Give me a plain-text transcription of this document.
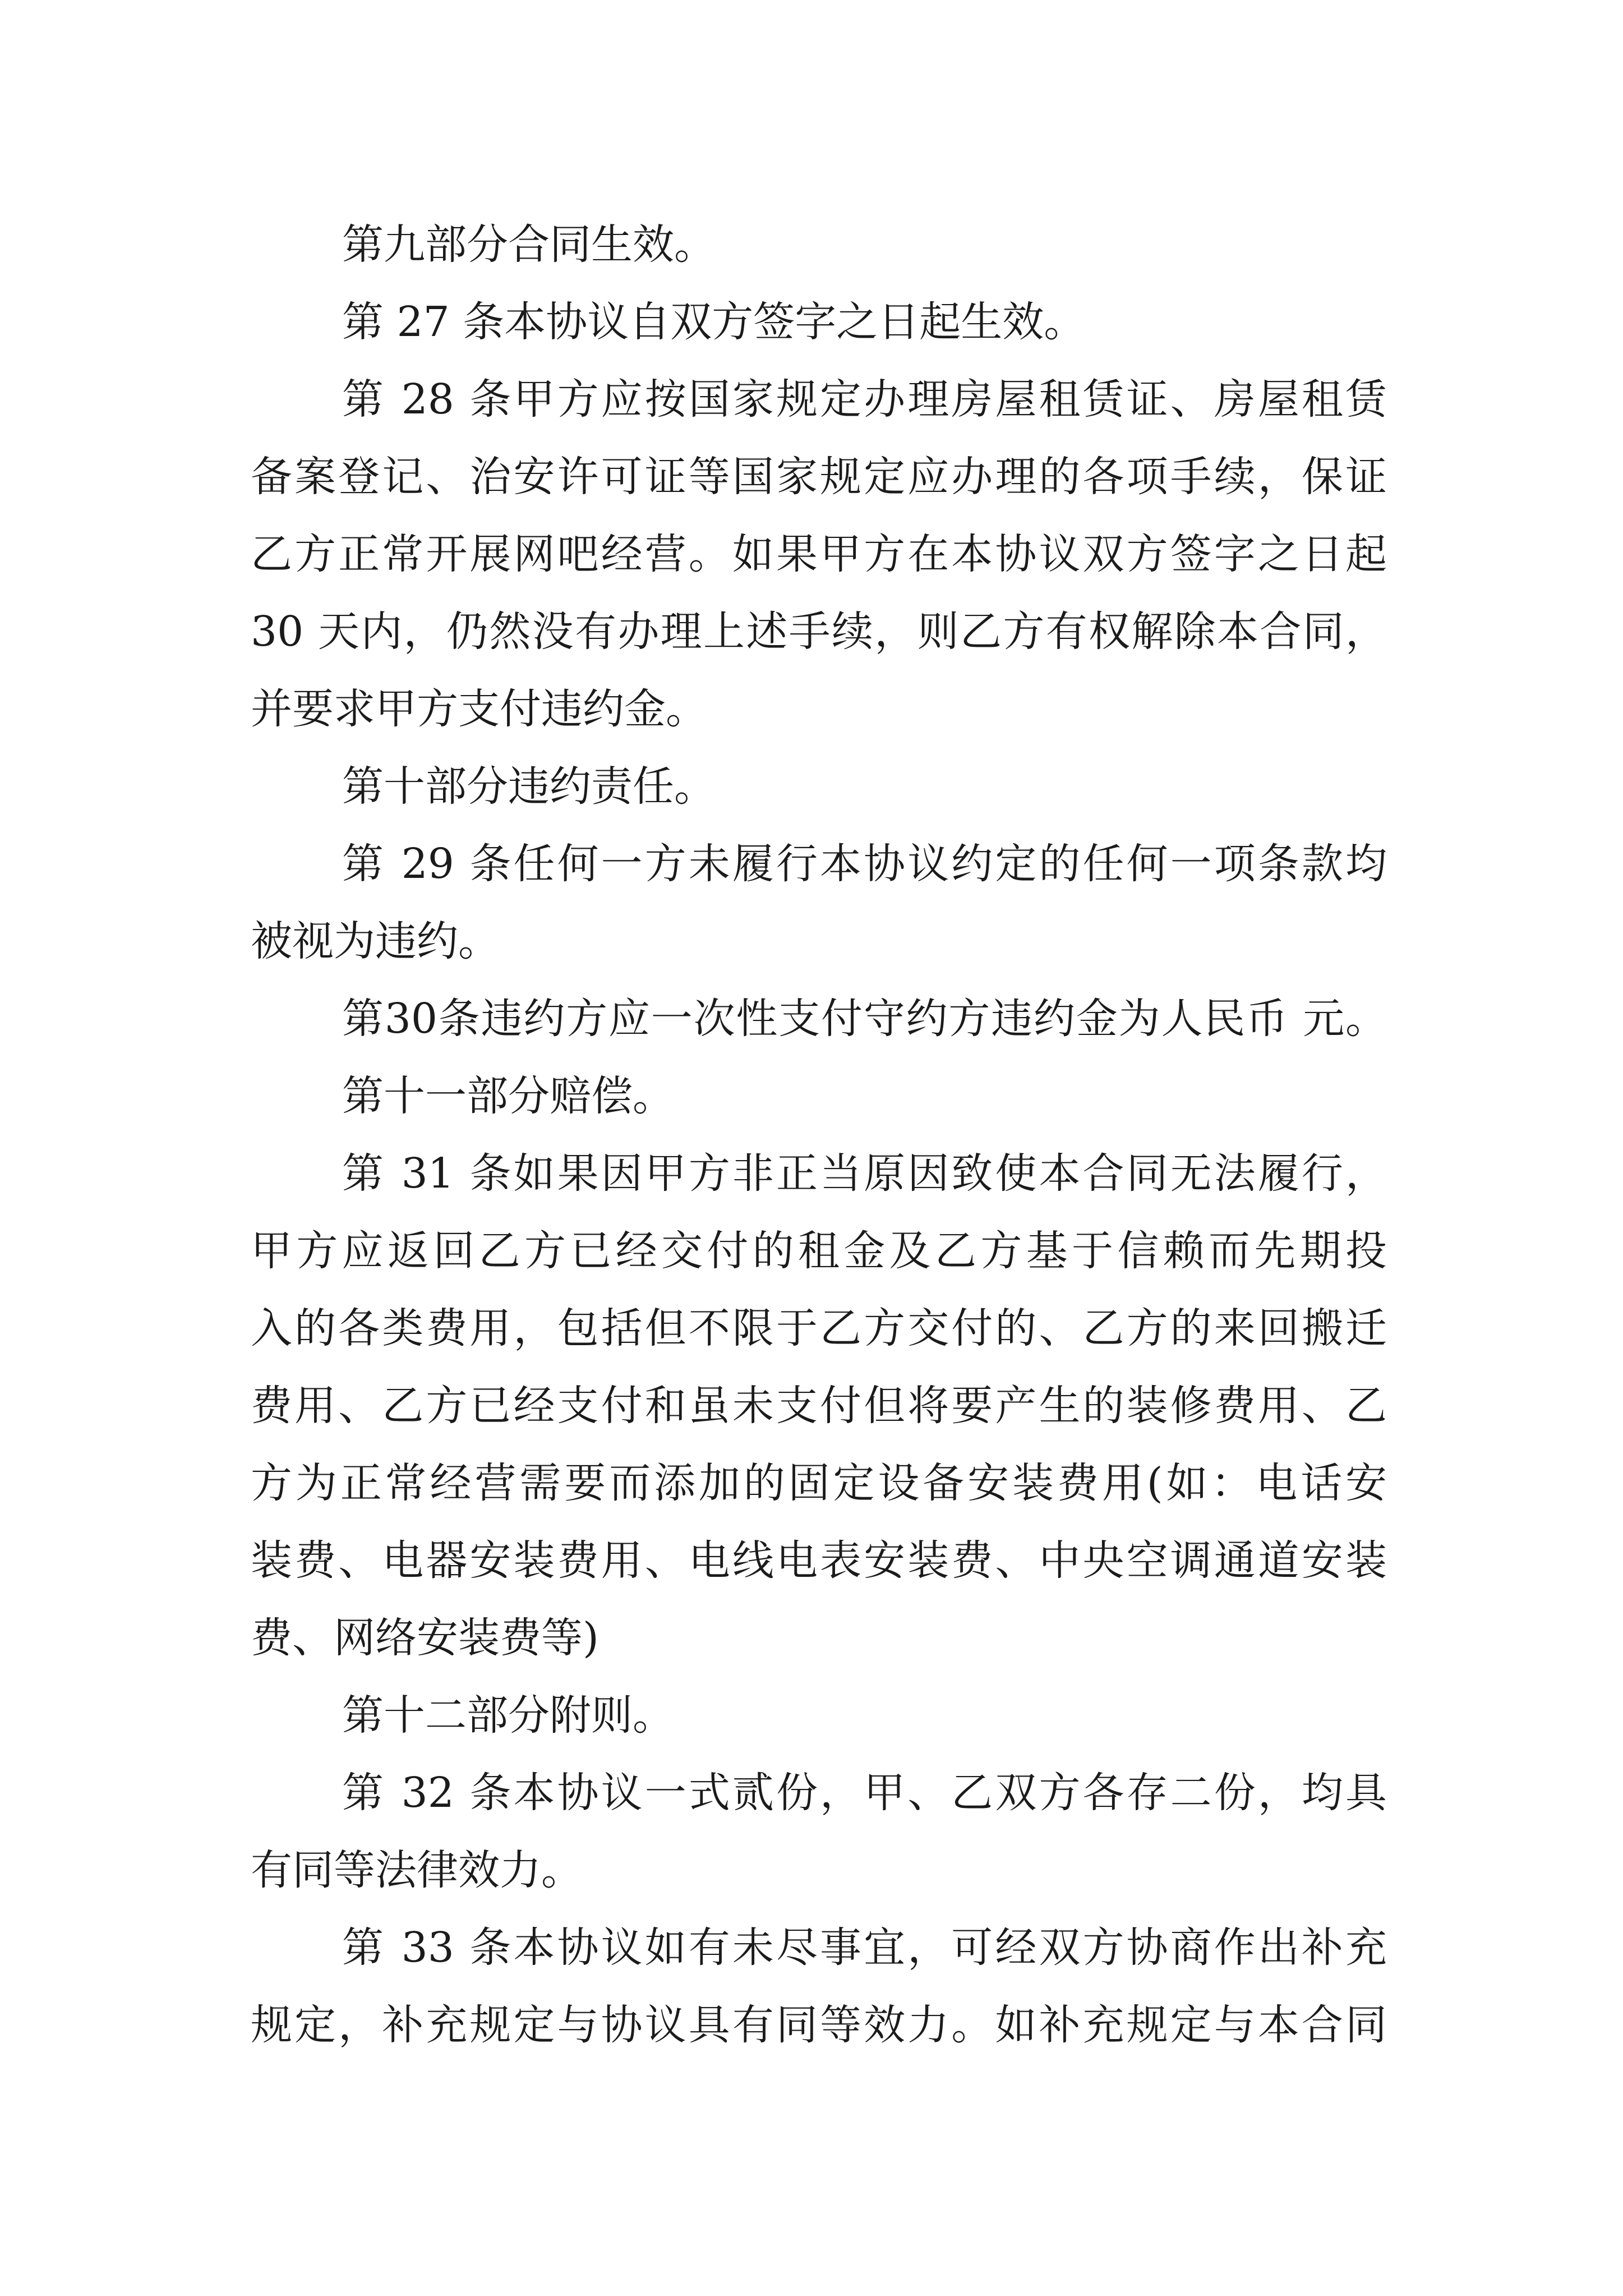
第九部分合同生效。
第 27 条本协议自双方签字之日起生效。
第 28 条甲方应按国家规定办理房屋租赁证、房屋租赁
备案登记、治安许可证等国家规定应办理的各项手续，保证
乙方正常开展网吧经营。如果甲方在本协议双方签字之日起
30 天内，仍然没有办理上述手续，则乙方有权解除本合同，
并要求甲方支付违约金。
第十部分违约责任。
第 29 条任何一方未履行本协议约定的任何一项条款均
被视为违约。
第30条违约方应一次性支付守约方违约金为人民币 元。
第十一部分赔偿。
第 31 条如果因甲方非正当原因致使本合同无法履行，
甲方应返回乙方已经交付的租金及乙方基于信赖而先期投
入的各类费用，包括但不限于乙方交付的、乙方的来回搬迁
费用、乙方已经支付和虽未支付但将要产生的装修费用、乙
方为正常经营需要而添加的固定设备安装费用(如：电话安
装费、电器安装费用、电线电表安装费、中央空调通道安装
费、网络安装费等)
第十二部分附则。
第 32 条本协议一式贰份，甲、乙双方各存二份，均具
有同等法律效力。
第 33 条本协议如有未尽事宜，可经双方协商作出补充
规定，补充规定与协议具有同等效力。如补充规定与本合同
